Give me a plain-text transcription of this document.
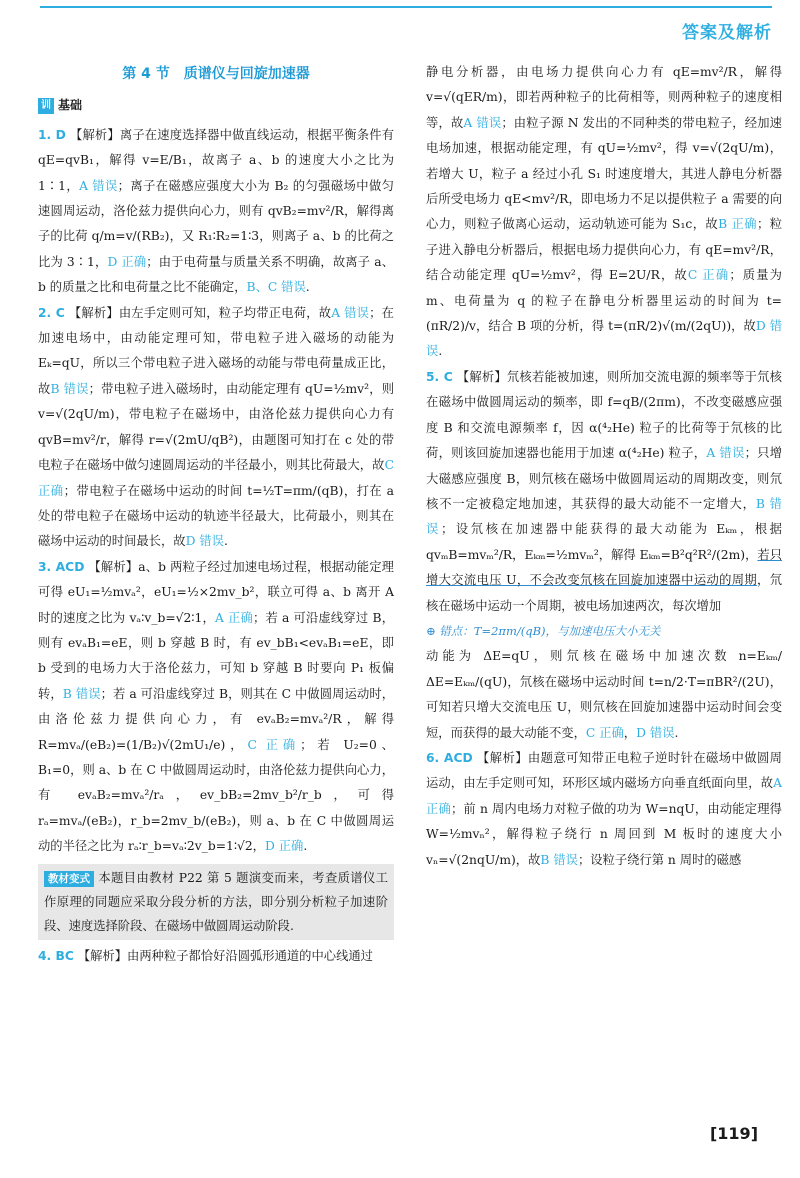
答案及解析
第 4 节　质谱仪与回旋加速器
训 基础

1. D 【解析】离子在速度选择器中做直线运动，根据平衡条件有 qE=qvB₁，解得 v=E/B₁，故离子 a、b 的速度大小之比为 1∶1，A 错误；离子在磁感应强度大小为 B₂ 的匀强磁场中做匀速圆周运动，洛伦兹力提供向心力，则有 qvB₂=mv²/R，解得离子的比荷 q/m=v/(RB₂)，又 R₁∶R₂=1∶3，则离子 a、b 的比荷之比为 3∶1，D 正确；由于电荷量与质量关系不明确，故离子 a、b 的质量之比和电荷量之比不能确定，B、C 错误.

2. C 【解析】由左手定则可知，粒子均带正电荷，故A 错误；在加速电场中，由动能定理可知，带电粒子进入磁场的动能为 Eₖ=qU，所以三个带电粒子进入磁场的动能与带电荷量成正比，故B 错误；带电粒子进入磁场时，由动能定理有 qU=½mv²，则 v=√(2qU/m)，带电粒子在磁场中，由洛伦兹力提供向心力有 qvB=mv²/r，解得 r=√(2mU/qB²)，由题图可知打在 c 处的带电粒子在磁场中做匀速圆周运动的半径最小，则其比荷最大，故C 正确；带电粒子在磁场中运动的时间 t=½T=πm/(qB)，打在 a 处的带电粒子在磁场中运动的轨迹半径最大，比荷最小，则其在磁场中运动的时间最长，故D 错误.

3. ACD 【解析】a、b 两粒子经过加速电场过程，根据动能定理可得 eU₁=½mvₐ²，eU₁=½×2mv_b²，联立可得 a、b 离开 A 时的速度之比为 vₐ∶v_b=√2∶1，A 正确；若 a 可沿虚线穿过 B，则有 evₐB₁=eE，则 b 穿越 B 时，有 ev_bB₁<evₐB₁=eE，即 b 受到的电场力大于洛伦兹力，可知 b 穿越 B 时要向 P₁ 板偏转，B 错误；若 a 可沿虚线穿过 B，则其在 C 中做圆周运动时，由洛伦兹力提供向心力，有 evₐB₂=mvₐ²/R，解得 R=mvₐ/(eB₂)=(1/B₂)√(2mU₁/e)，C 正确；若 U₂=0、B₁=0，则 a、b 在 C 中做圆周运动时，由洛伦兹力提供向心力，有 evₐB₂=mvₐ²/rₐ，ev_bB₂=2mv_b²/r_b，可得 rₐ=mvₐ/(eB₂)，r_b=2mv_b/(eB₂)，则 a、b 在 C 中做圆周运动的半径之比为 rₐ∶r_b=vₐ∶2v_b=1∶√2，D 正确.

教材变式 本题目由教材 P22 第 5 题演变而来，考查质谱仪工作原理的同题应采取分段分析的方法，即分别分析粒子加速阶段、速度选择阶段、在磁场中做圆周运动阶段.

4. BC 【解析】由两种粒子都恰好沿圆弧形通道的中心线通过

静电分析器，由电场力提供向心力有 qE=mv²/R，解得 v=√(qER/m)，即若两种粒子的比荷相等，则两种粒子的速度相等，故A 错误；由粒子源 N 发出的不同种类的带电粒子，经加速电场加速，根据动能定理，有 qU=½mv²，得 v=√(2qU/m)，若增大 U，粒子 a 经过小孔 S₁ 时速度增大，其进人静电分析器后所受电场力 qE<mv²/R，即电场力不足以提供粒子 a 需要的向心力，则粒子做离心运动，运动轨迹可能为 S₁c，故B 正确；粒子进入静电分析器后，根据电场力提供向心力，有 qE=mv²/R，结合动能定理 qU=½mv²，得 E=2U/R，故C 正确；质量为 m、电荷量为 q 的粒子在静电分析器里运动的时间为 t=(πR/2)/v，结合 B 项的分析，得 t=(πR/2)√(m/(2qU))，故D 错误.

5. C 【解析】氘核若能被加速，则所加交流电源的频率等于氘核在磁场中做圆周运动的频率，即 f=qB/(2πm)，不改变磁感应强度 B 和交流电源频率 f，因 α(⁴₂He) 粒子的比荷等于氘核的比荷，则该回旋加速器也能用于加速 α(⁴₂He) 粒子，A 错误；只增大磁感应强度 B，则氘核在磁场中做圆周运动的周期改变，则氘核不一定被稳定地加速，其获得的最大动能不一定增大，B 错误；设氘核在加速器中能获得的最大动能为 Eₖₘ，根据 qvₘB=mvₘ²/R，Eₖₘ=½mvₘ²，解得 Eₖₘ=B²q²R²/(2m)，若只增大交流电压 U，不会改变氘核在回旋加速器中运动的周期，氘核在磁场中运动一个周期，被电场加速两次，每次增加

⊕ 错点：T=2πm/(qB)，与加速电压大小无关

动能为 ΔE=qU，则氘核在磁场中加速次数 n=Eₖₘ/ΔE=Eₖₘ/(qU)，氘核在磁场中运动时间 t=n/2·T=πBR²/(2U)，可知若只增大交流电压 U，则氘核在回旋加速器中运动时间会变短，而获得的最大动能不变，C 正确，D 错误.

6. ACD 【解析】由题意可知带正电粒子逆时针在磁场中做圆周运动，由左手定则可知，环形区域内磁场方向垂直纸面向里，故A 正确；前 n 周内电场力对粒子做的功为 W=nqU，由动能定理得 W=½mvₙ²，解得粒子绕行 n 周回到 M 板时的速度大小 vₙ=√(2nqU/m)，故B 错误；设粒子绕行第 n 周时的磁感

[119]
